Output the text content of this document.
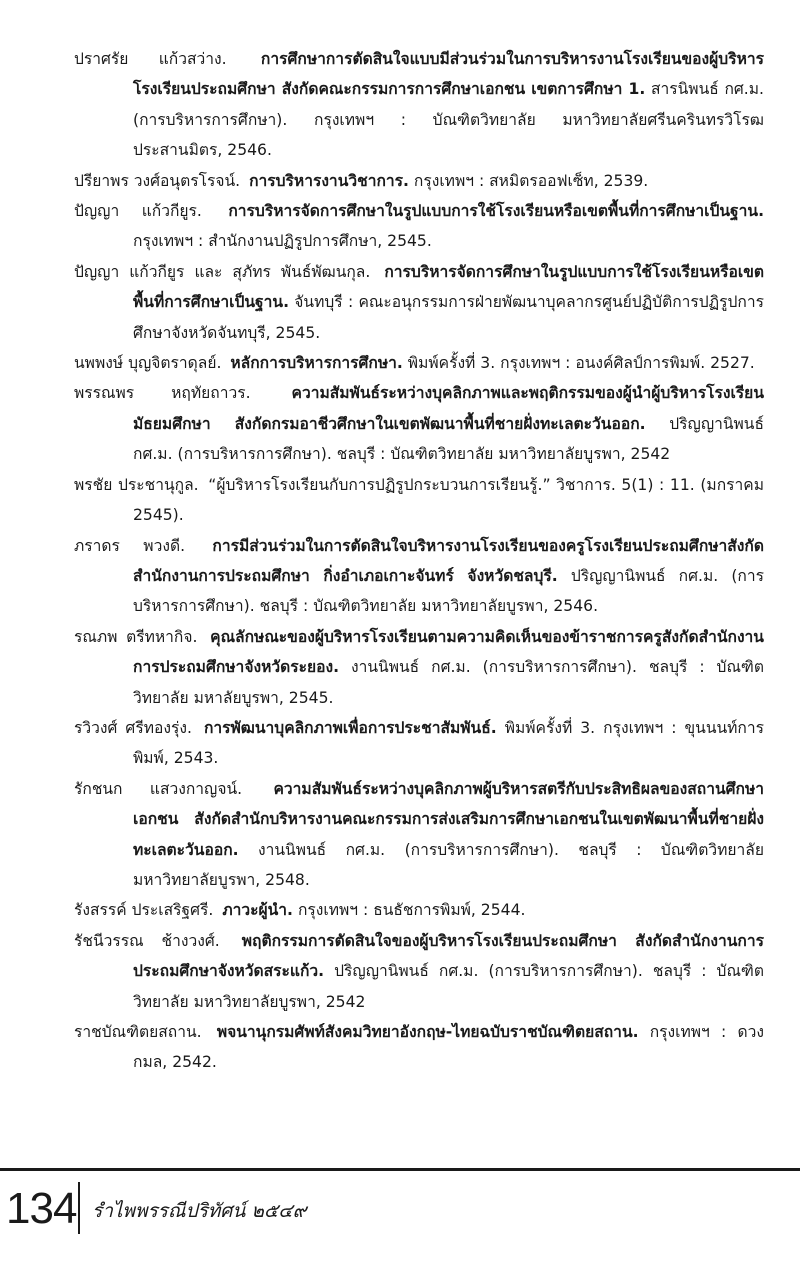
ปราศรัย แก้วสว่าง. การศึกษาการตัดสินใจแบบมีส่วนร่วมในการบริหารงานโรงเรียนของผู้บริหารโรงเรียนประถมศึกษา สังกัดคณะกรรมการการศึกษาเอกชน เขตการศึกษา 1. สารนิพนธ์ กศ.ม.(การบริหารการศึกษา). กรุงเทพฯ : บัณฑิตวิทยาลัย มหาวิทยาลัยศรีนครินทรวิโรฒ ประสานมิตร, 2546.
ปรียาพร วงศ์อนุตรโรจน์. การบริหารงานวิชาการ. กรุงเทพฯ : สหมิตรออฟเซ็ท, 2539.
ปัญญา แก้วกียูร. การบริหารจัดการศึกษาในรูปแบบการใช้โรงเรียนหรือเขตพื้นที่การศึกษาเป็นฐาน. กรุงเทพฯ : สำนักงานปฏิรูปการศึกษา, 2545.
ปัญญา แก้วกียูร และ สุภัทร พันธ์พัฒนกุล. การบริหารจัดการศึกษาในรูปแบบการใช้โรงเรียนหรือเขตพื้นที่การศึกษาเป็นฐาน. จันทบุรี : คณะอนุกรรมการฝ่ายพัฒนาบุคลากรศูนย์ปฏิบัติการปฏิรูปการศึกษาจังหวัดจันทบุรี, 2545.
นพพงษ์ บุญจิตราดุลย์. หลักการบริหารการศึกษา. พิมพ์ครั้งที่ 3. กรุงเทพฯ : อนงค์ศิลป์การพิมพ์. 2527.
พรรณพร หฤทัยถาวร.	ความสัมพันธ์ระหว่างบุคลิกภาพและพฤติกรรมของผู้นำผู้บริหารโรงเรียนมัธยมศึกษา สังกัดกรมอาชีวศึกษาในเขตพัฒนาพื้นที่ชายฝั่งทะเลตะวันออก. ปริญญานิพนธ์ กศ.ม. (การบริหารการศึกษา). ชลบุรี : บัณฑิตวิทยาลัย มหาวิทยาลัยบูรพา, 2542
พรชัย ประชานุกูล. “ผู้บริหารโรงเรียนกับการปฏิรูปกระบวนการเรียนรู้.” วิชาการ. 5(1) : 11. (มกราคม 2545).
ภราดร พวงดี. การมีส่วนร่วมในการตัดสินใจบริหารงานโรงเรียนของครูโรงเรียนประถมศึกษาสังกัดสำนักงานการประถมศึกษา กิ่งอำเภอเกาะจันทร์ จังหวัดชลบุรี. ปริญญานิพนธ์ กศ.ม. (การบริหารการศึกษา). ชลบุรี : บัณฑิตวิทยาลัย มหาวิทยาลัยบูรพา, 2546.
รณภพ ตรีทหากิจ. คุณลักษณะของผู้บริหารโรงเรียนตามความคิดเห็นของข้าราชการครูสังกัดสำนักงานการประถมศึกษาจังหวัดระยอง. งานนิพนธ์ กศ.ม. (การบริหารการศึกษา). ชลบุรี : บัณฑิตวิทยาลัย มหาลัยบูรพา, 2545.
รวิวงศ์ ศรีทองรุ่ง. การพัฒนาบุคลิกภาพเพื่อการประชาสัมพันธ์. พิมพ์ครั้งที่ 3. กรุงเทพฯ : ขุนนนท์การพิมพ์, 2543.
รักชนก แสวงกาญจน์. ความสัมพันธ์ระหว่างบุคลิกภาพผู้บริหารสตรีกับประสิทธิผลของสถานศึกษาเอกชน สังกัดสำนักบริหารงานคณะกรรมการส่งเสริมการศึกษาเอกชนในเขตพัฒนาพื้นที่ชายฝั่งทะเลตะวันออก. งานนิพนธ์ กศ.ม. (การบริหารการศึกษา). ชลบุรี : บัณฑิตวิทยาลัย มหาวิทยาลัยบูรพา, 2548.
รังสรรค์ ประเสริฐศรี. ภาวะผู้นำ. กรุงเทพฯ : ธนธัชการพิมพ์, 2544.
รัชนีวรรณ ช้างวงศ์. พฤติกรรมการตัดสินใจของผู้บริหารโรงเรียนประถมศึกษา สังกัดสำนักงานการประถมศึกษาจังหวัดสระแก้ว. ปริญญานิพนธ์ กศ.ม. (การบริหารการศึกษา). ชลบุรี : บัณฑิตวิทยาลัย มหาวิทยาลัยบูรพา, 2542
ราชบัณฑิตยสถาน. พจนานุกรมศัพท์สังคมวิทยาอังกฤษ-ไทยฉบับราชบัณฑิตยสถาน. กรุงเทพฯ : ดวงกมล, 2542.
134 รำไพพรรณีปริทัศน์ ๒๕๔๙
